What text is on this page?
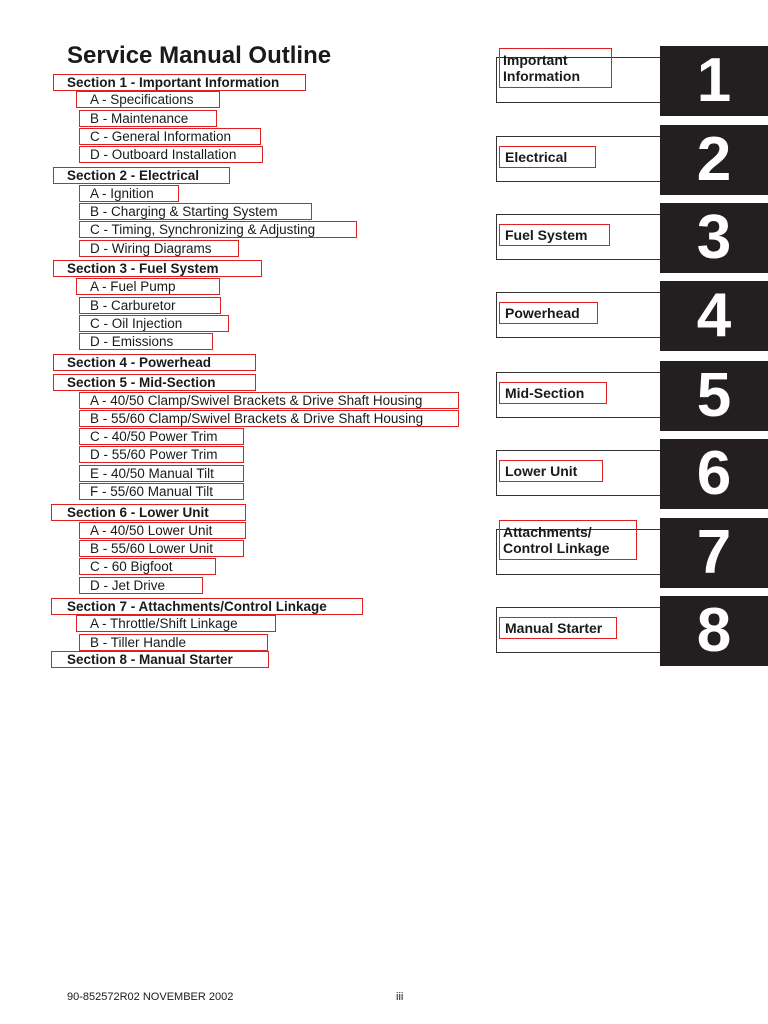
Service Manual Outline
Section 1 - Important Information
A - Specifications
B - Maintenance
C - General Information
D - Outboard Installation
Section 2 - Electrical
A - Ignition
B - Charging & Starting System
C - Timing, Synchronizing & Adjusting
D - Wiring Diagrams
Section 3 - Fuel System
A - Fuel Pump
B - Carburetor
C - Oil Injection
D - Emissions
Section 4 - Powerhead
Section 5 - Mid-Section
A - 40/50 Clamp/Swivel Brackets & Drive Shaft Housing
B - 55/60 Clamp/Swivel Brackets & Drive Shaft Housing
C - 40/50 Power Trim
D - 55/60 Power Trim
E - 40/50 Manual Tilt
F - 55/60 Manual Tilt
Section 6 - Lower Unit
A - 40/50 Lower Unit
B - 55/60 Lower Unit
C - 60 Bigfoot
D - Jet Drive
Section 7 - Attachments/Control Linkage
A - Throttle/Shift Linkage
B - Tiller Handle
Section 8 - Manual Starter
Important
Information	1
Electrical	2
Fuel System	3
Powerhead	4
Mid-Section	5
Lower Unit	6
Attachments/
Control Linkage	7
Manual Starter	8
90-852572R02 NOVEMBER 2002	iii
